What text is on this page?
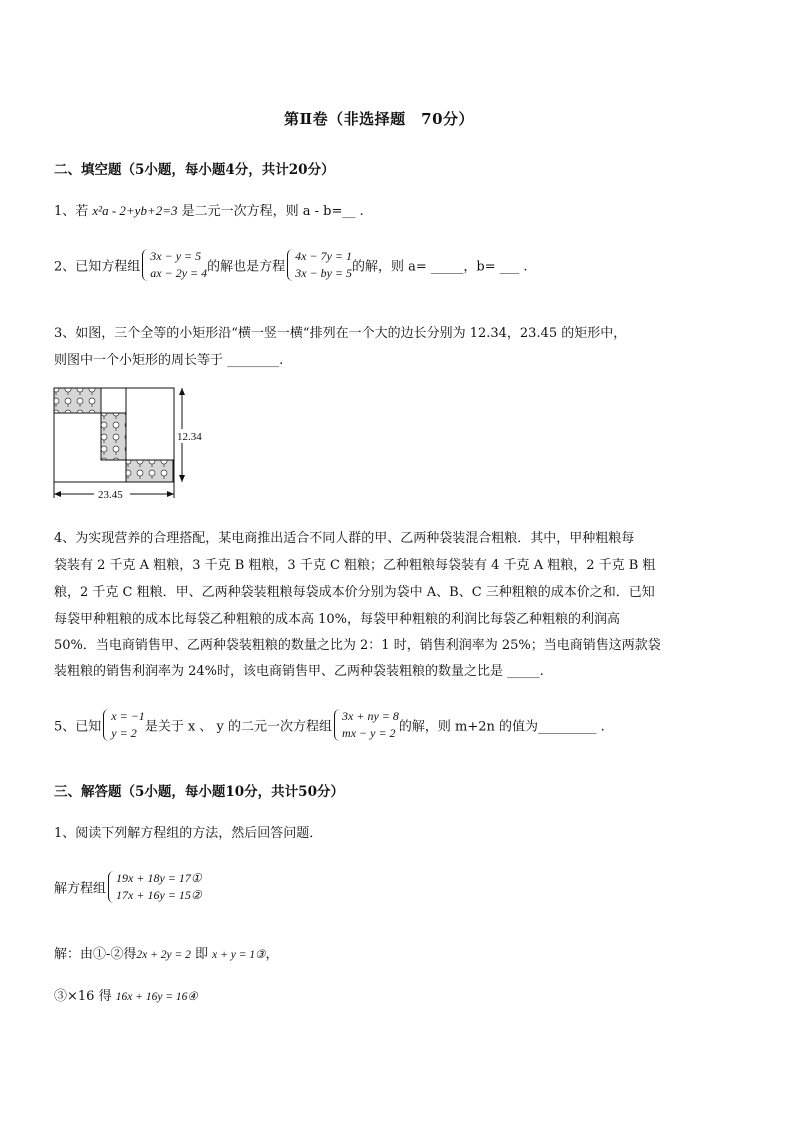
第Ⅱ卷（非选择题　70分）
二、填空题（5小题，每小题4分，共计20分）
1、若 x²a - 2+yb+2=3 是二元一次方程，则 a - b=__ .
2、已知方程组
3x − y = 5
ax − 2y = 4 的解也是方程
4x − 7y = 1
3x − by = 5 的解，则 a= _____，b= ___ .
3、如图，三个全等的小矩形沿“横一竖一横“排列在一个大的边长分别为 12.34，23.45 的矩形中，
则图中一个小矩形的周长等于 ________.
12.34
23.45
4、为实现营养的合理搭配，某电商推出适合不同人群的甲、乙两种袋装混合粗粮．其中，甲种粗粮每
袋装有 2 千克 A 粗粮，3 千克 B 粗粮，3 千克 C 粗粮；乙种粗粮每袋装有 4 千克 A 粗粮，2 千克 B 粗
粮，2 千克 C 粗粮．甲、乙两种袋装粗粮每袋成本价分别为袋中 A、B、C 三种粗粮的成本价之和．已知
每袋甲种粗粮的成本比每袋乙种粗粮的成本高 10%，每袋甲种粗粮的利润比每袋乙种粗粮的利润高
50%．当电商销售甲、乙两种袋装粗粮的数量之比为 2：1 时，销售利润率为 25%；当电商销售这两款袋
装粗粮的销售利润率为 24%时，该电商销售甲、乙两种袋装粗粮的数量之比是 _____.
5、已知
x = −1
y = 2 是关于 x 、 y 的二元一次方程组
3x + ny = 8
mx − y = 2 的解，则 m+2n 的值为_________ .
三、解答题（5小题，每小题10分，共计50分）
1、阅读下列解方程组的方法，然后回答问题．
解方程组
19x + 18y = 17①
17x + 16y = 15②
解：由①-②得2x + 2y = 2 即 x + y = 1③，
③×16 得 16x + 16y = 16④
